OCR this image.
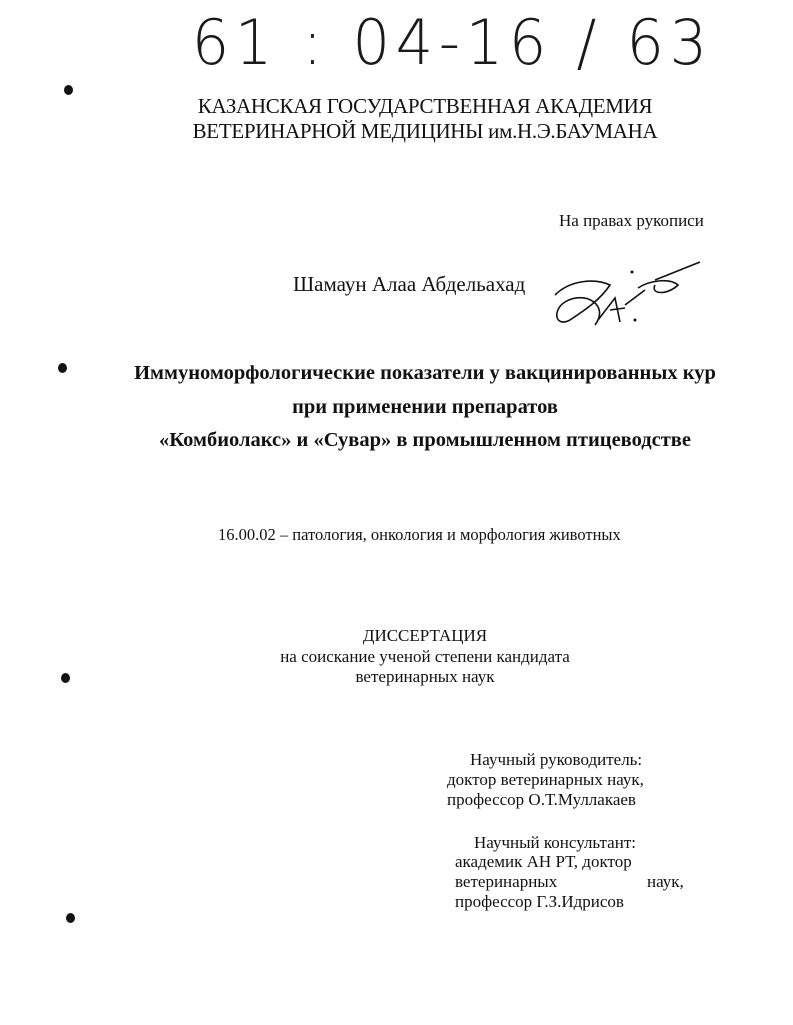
61 : 04-16 / 63
КАЗАНСКАЯ ГОСУДАРСТВЕННАЯ АКАДЕМИЯ
ВЕТЕРИНАРНОЙ МЕДИЦИНЫ им.Н.Э.БАУМАНА
На правах рукописи
Шамаун Алаа Абдельахад
Иммуноморфологические показатели у вакцинированных кур
при применении препаратов
«Комбиолакс» и «Сувар» в промышленном птицеводстве
16.00.02 – патология, онкология и морфология животных
ДИССЕРТАЦИЯ
на соискание ученой степени кандидата
ветеринарных наук
Научный руководитель:
доктор ветеринарных наук,
профессор О.Т.Муллакаев
Научный консультант:
академик АН РТ, доктор
ветеринарных	наук,
профессор Г.З.Идрисов
